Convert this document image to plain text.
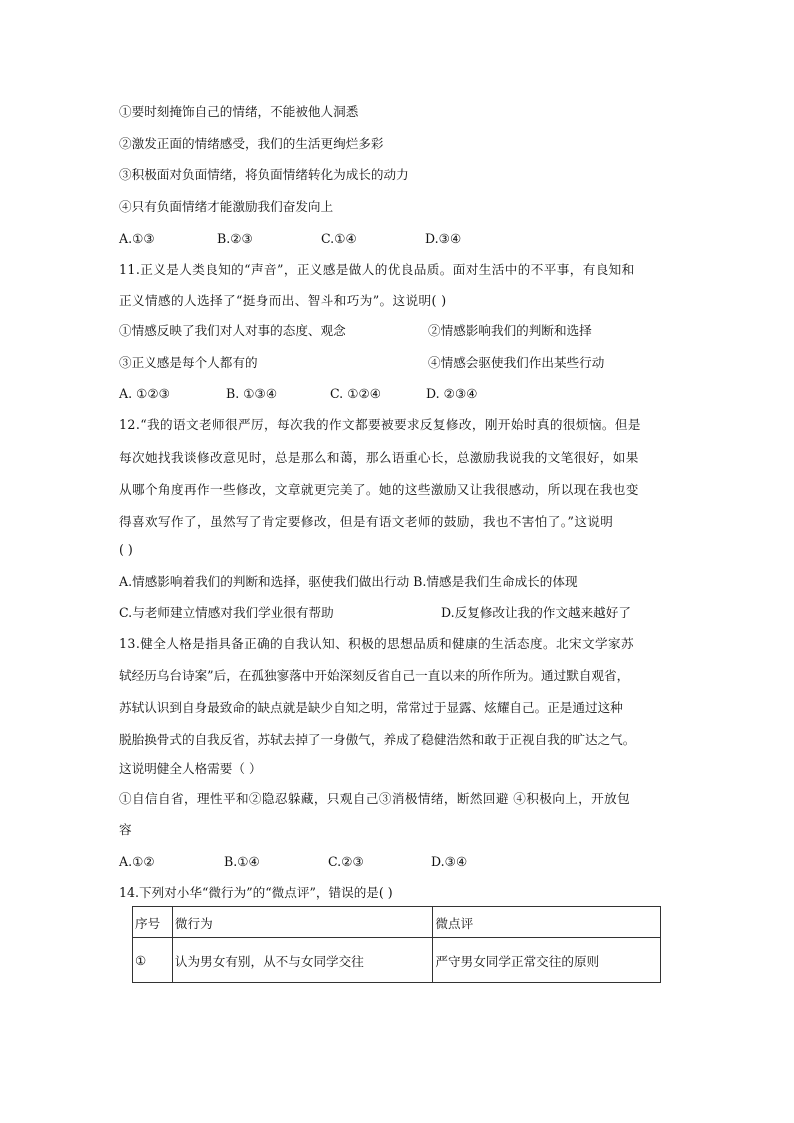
①要时刻掩饰自己的情绪，不能被他人洞悉
②激发正面的情绪感受，我们的生活更绚烂多彩
③积极面对负面情绪，将负面情绪转化为成长的动力
④只有负面情绪才能激励我们奋发向上
A.①③	B.②③	C.①④	D.③④
11.正义是人类良知的“声音”，正义感是做人的优良品质。面对生活中的不平事，有良知和
正义情感的人选择了“挺身而出、智斗和巧为”。这说明( )
①情感反映了我们对人对事的态度、观念	②情感影响我们的判断和选择
③正义感是每个人都有的	④情感会驱使我们作出某些行动
A. ①②③	B. ①③④	C. ①②④	D. ②③④
12.“我的语文老师很严厉，每次我的作文都要被要求反复修改，刚开始时真的很烦恼。但是
每次她找我谈修改意见时，总是那么和蔼，那么语重心长，总激励我说我的文笔很好，如果
从哪个角度再作一些修改，文章就更完美了。她的这些激励又让我很感动，所以现在我也变
得喜欢写作了，虽然写了肯定要修改，但是有语文老师的鼓励，我也不害怕了。”这说明
( )
A.情感影响着我们的判断和选择，驱使我们做出行动 B.情感是我们生命成长的体现
C.与老师建立情感对我们学业很有帮助	D.反复修改让我的作文越来越好了
13.健全人格是指具备正确的自我认知、积极的思想品质和健康的生活态度。北宋文学家苏
轼经历乌台诗案”后，在孤独寥落中开始深刻反省自己一直以来的所作所为。通过默自观省，
苏轼认识到自身最致命的缺点就是缺少自知之明，常常过于显露、炫耀自己。正是通过这种
脱胎换骨式的自我反省，苏轼去掉了一身傲气，养成了稳健浩然和敢于正视自我的旷达之气。
这说明健全人格需要（ ）
①自信自省，理性平和②隐忍躲藏，只观自己③消极情绪，断然回避 ④积极向上，开放包
容
A.①②	B.①④	C.②③	D.③④
14.下列对小华“微行为”的“微点评”，错误的是( )
序号	微行为	微点评
①	认为男女有别，从不与女同学交往	严守男女同学正常交往的原则
